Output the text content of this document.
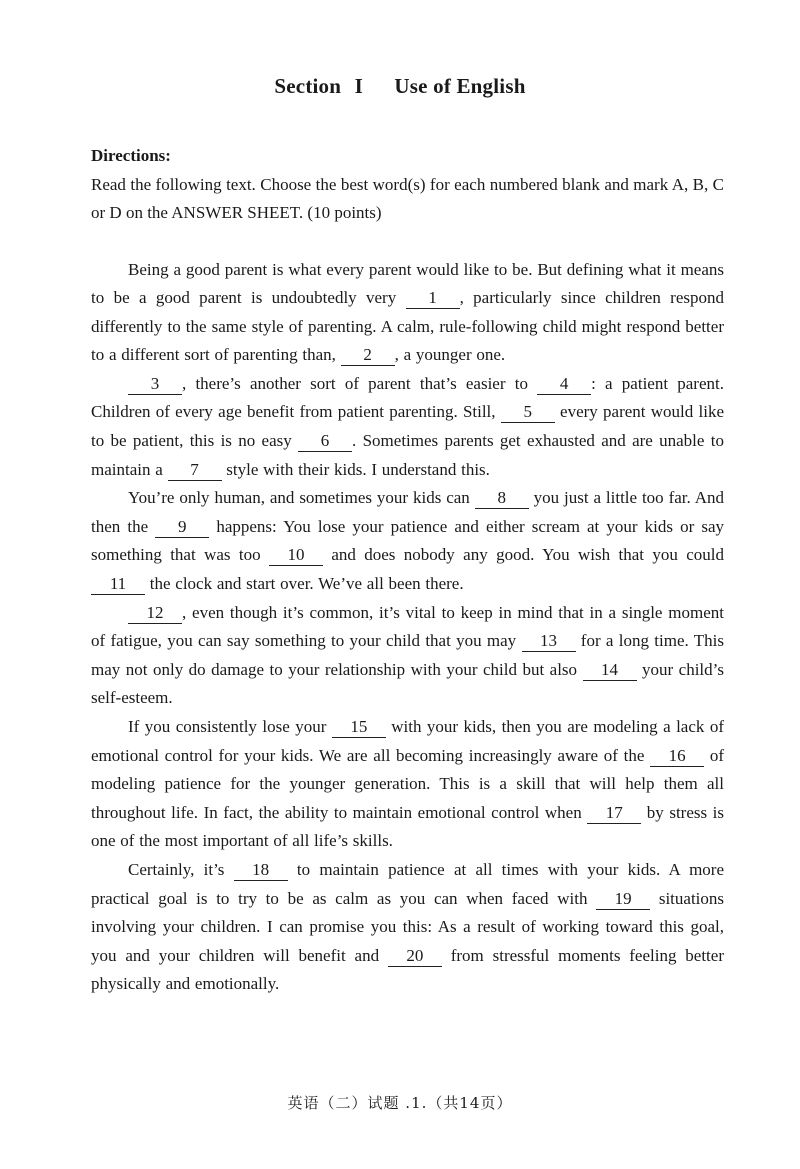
Section I Use of English

Directions:

Read the following text. Choose the best word(s) for each numbered blank and mark A, B, C or D on the ANSWER SHEET. (10 points)

Being a good parent is what every parent would like to be. But defining what it means to be a good parent is undoubtedly very 1 , particularly since children respond differently to the same style of parenting. A calm, rule-following child might respond better to a different sort of parenting than, 2 , a younger one.

3 , there’s another sort of parent that’s easier to 4 : a patient parent. Children of every age benefit from patient parenting. Still, 5 every parent would like to be patient, this is no easy 6 . Sometimes parents get exhausted and are unable to maintain a 7 style with their kids. I understand this.

You’re only human, and sometimes your kids can 8 you just a little too far. And then the 9 happens: You lose your patience and either scream at your kids or say something that was too 10 and does nobody any good. You wish that you could 11 the clock and start over. We’ve all been there.

12 , even though it’s common, it’s vital to keep in mind that in a single moment of fatigue, you can say something to your child that you may 13 for a long time. This may not only do damage to your relationship with your child but also 14 your child’s self-esteem.

If you consistently lose your 15 with your kids, then you are modeling a lack of emotional control for your kids. We are all becoming increasingly aware of the 16 of modeling patience for the younger generation. This is a skill that will help them all throughout life. In fact, the ability to maintain emotional control when 17 by stress is one of the most important of all life’s skills.

Certainly, it’s 18 to maintain patience at all times with your kids. A more practical goal is to try to be as calm as you can when faced with 19 situations involving your children. I can promise you this: As a result of working toward this goal, you and your children will benefit and 20 from stressful moments feeling better physically and emotionally.

英语（二）试题 .1.（共14页）
